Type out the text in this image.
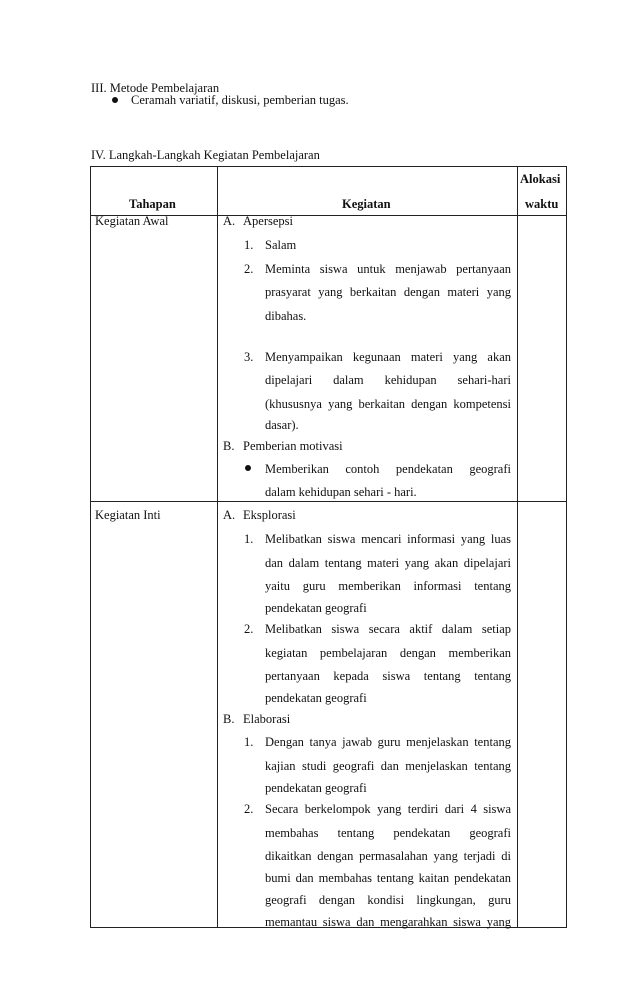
III. Metode Pembelajaran
Ceramah variatif, diskusi, pemberian tugas.
IV. Langkah-Langkah Kegiatan Pembelajaran
Tahapan	Kegiatan
Alokasi
waktu
Kegiatan Awal	A. Apersepsi
1. Salam
2. Meminta siswa untuk menjawab pertanyaan
prasyarat yang berkaitan dengan materi yang
dibahas.
3. Menyampaikan kegunaan materi yang akan
dipelajari dalam kehidupan sehari-hari
(khususnya yang berkaitan dengan kompetensi
dasar).
B. Pemberian motivasi
Memberikan contoh pendekatan geografi
dalam kehidupan sehari - hari.
Kegiatan Inti	A. Eksplorasi
1. Melibatkan siswa mencari informasi yang luas
dan dalam tentang materi yang akan dipelajari
yaitu guru memberikan informasi tentang
pendekatan geografi
2. Melibatkan siswa secara aktif dalam setiap
kegiatan pembelajaran dengan memberikan
pertanyaan kepada siswa tentang tentang
pendekatan geografi
B. Elaborasi
1. Dengan tanya jawab guru menjelaskan tentang
kajian studi geografi dan menjelaskan tentang
pendekatan geografi
2. Secara berkelompok yang terdiri dari 4 siswa
membahas tentang pendekatan geografi
dikaitkan dengan permasalahan yang terjadi di
bumi dan membahas tentang kaitan pendekatan
geografi dengan kondisi lingkungan, guru
memantau siswa dan mengarahkan siswa yang
